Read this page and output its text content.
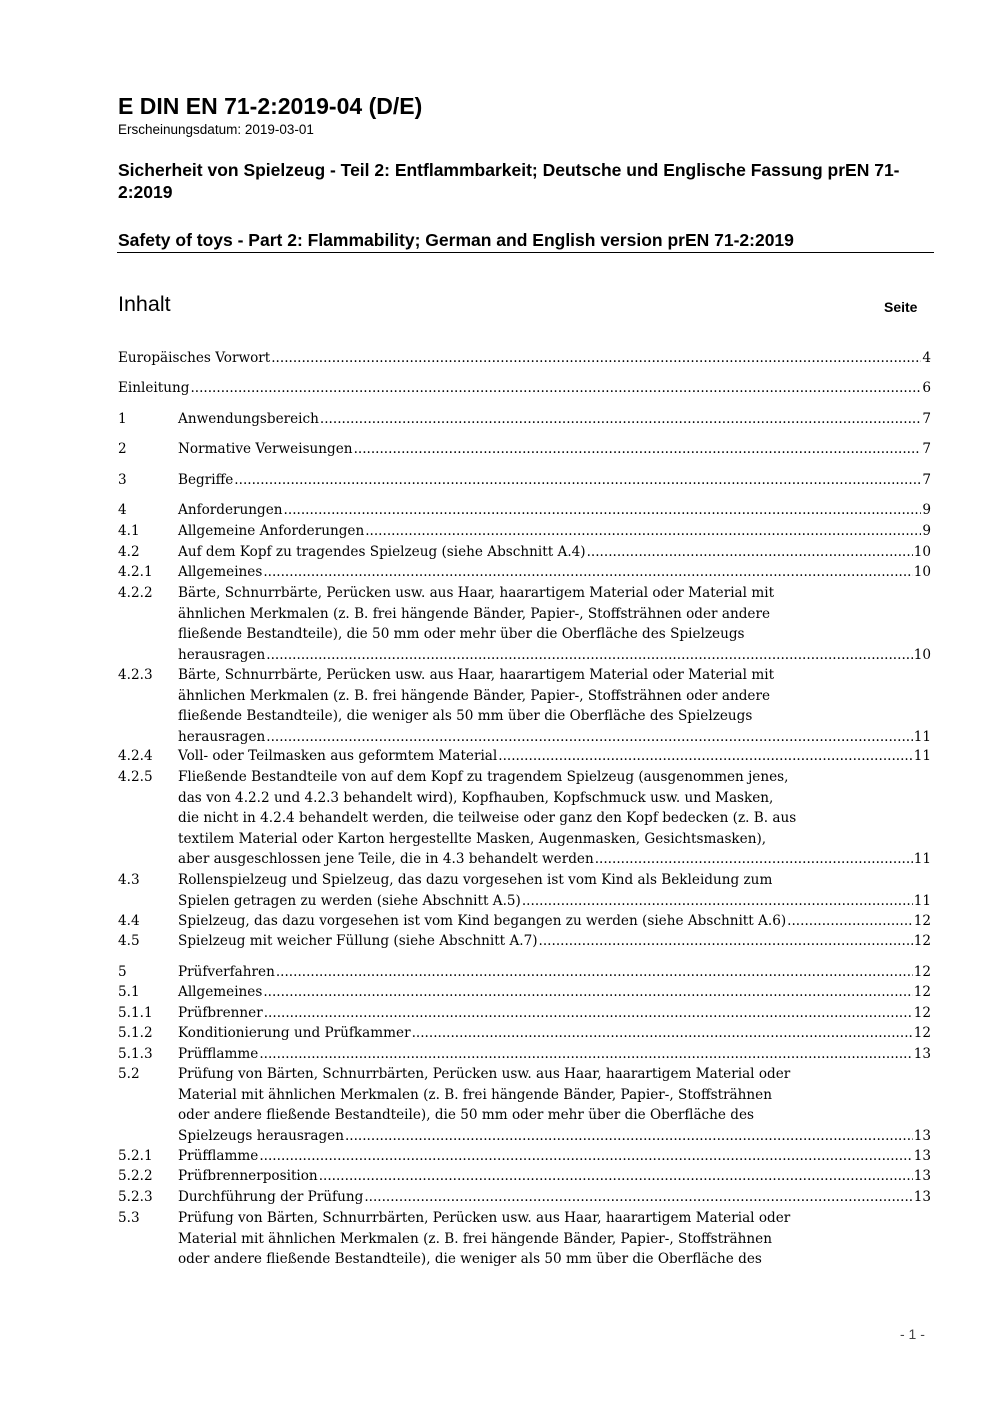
E DIN EN 71-2:2019-04 (D/E)
Erscheinungsdatum: 2019-03-01
Sicherheit von Spielzeug - Teil 2: Entflammbarkeit; Deutsche und Englische Fassung prEN 71-2:2019
Safety of toys - Part 2: Flammability; German and English version prEN 71-2:2019
Inhalt	Seite
Europäisches Vorwort .....	4
Einleitung .....	6
1	Anwendungsbereich .....	7
2	Normative Verweisungen .....	7
3	Begriffe .....	7
4	Anforderungen .....	9
4.1	Allgemeine Anforderungen .....	9
4.2	Auf dem Kopf zu tragendes Spielzeug (siehe Abschnitt A.4) .....	10
4.2.1 Allgemeines .....	10
4.2.2 Bärte, Schnurrbärte, Perücken usw. aus Haar, haarartigem Material oder Material mit
ähnlichen Merkmalen (z. B. frei hängende Bänder, Papier-, Stoffsträhnen oder andere
fließende Bestandteile), die 50 mm oder mehr über die Oberfläche des Spielzeugs
herausragen .....	10
4.2.3 Bärte, Schnurrbärte, Perücken usw. aus Haar, haarartigem Material oder Material mit
ähnlichen Merkmalen (z. B. frei hängende Bänder, Papier-, Stoffsträhnen oder andere
fließende Bestandteile), die weniger als 50 mm über die Oberfläche des Spielzeugs
herausragen .....	11
4.2.4 Voll- oder Teilmasken aus geformtem Material .....	11
4.2.5 Fließende Bestandteile von auf dem Kopf zu tragendem Spielzeug (ausgenommen jenes,
das von 4.2.2 und 4.2.3 behandelt wird), Kopfhauben, Kopfschmuck usw. und Masken,
die nicht in 4.2.4 behandelt werden, die teilweise oder ganz den Kopf bedecken (z. B. aus
textilem Material oder Karton hergestellte Masken, Augenmasken, Gesichtsmasken),
aber ausgeschlossen jene Teile, die in 4.3 behandelt werden .....	11
4.3	Rollenspielzeug und Spielzeug, das dazu vorgesehen ist vom Kind als Bekleidung zum
Spielen getragen zu werden (siehe Abschnitt A.5) .....	11
4.4	Spielzeug, das dazu vorgesehen ist vom Kind begangen zu werden (siehe Abschnitt A.6) .....	12
4.5	Spielzeug mit weicher Füllung (siehe Abschnitt A.7) .....	12
5	Prüfverfahren .....	12
5.1	Allgemeines .....	12
5.1.1 Prüfbrenner .....	12
5.1.2 Konditionierung und Prüfkammer .....	12
5.1.3 Prüfflamme .....	13
5.2	Prüfung von Bärten, Schnurrbärten, Perücken usw. aus Haar, haarartigem Material oder
Material mit ähnlichen Merkmalen (z. B. frei hängende Bänder, Papier-, Stoffsträhnen
oder andere fließende Bestandteile), die 50 mm oder mehr über die Oberfläche des
Spielzeugs herausragen .....	13
5.2.1 Prüfflamme .....	13
5.2.2 Prüfbrennerposition .....	13
5.2.3 Durchführung der Prüfung .....	13
5.3	Prüfung von Bärten, Schnurrbärten, Perücken usw. aus Haar, haarartigem Material oder
Material mit ähnlichen Merkmalen (z. B. frei hängende Bänder, Papier-, Stoffsträhnen
oder andere fließende Bestandteile), die weniger als 50 mm über die Oberfläche des
- 1 -
